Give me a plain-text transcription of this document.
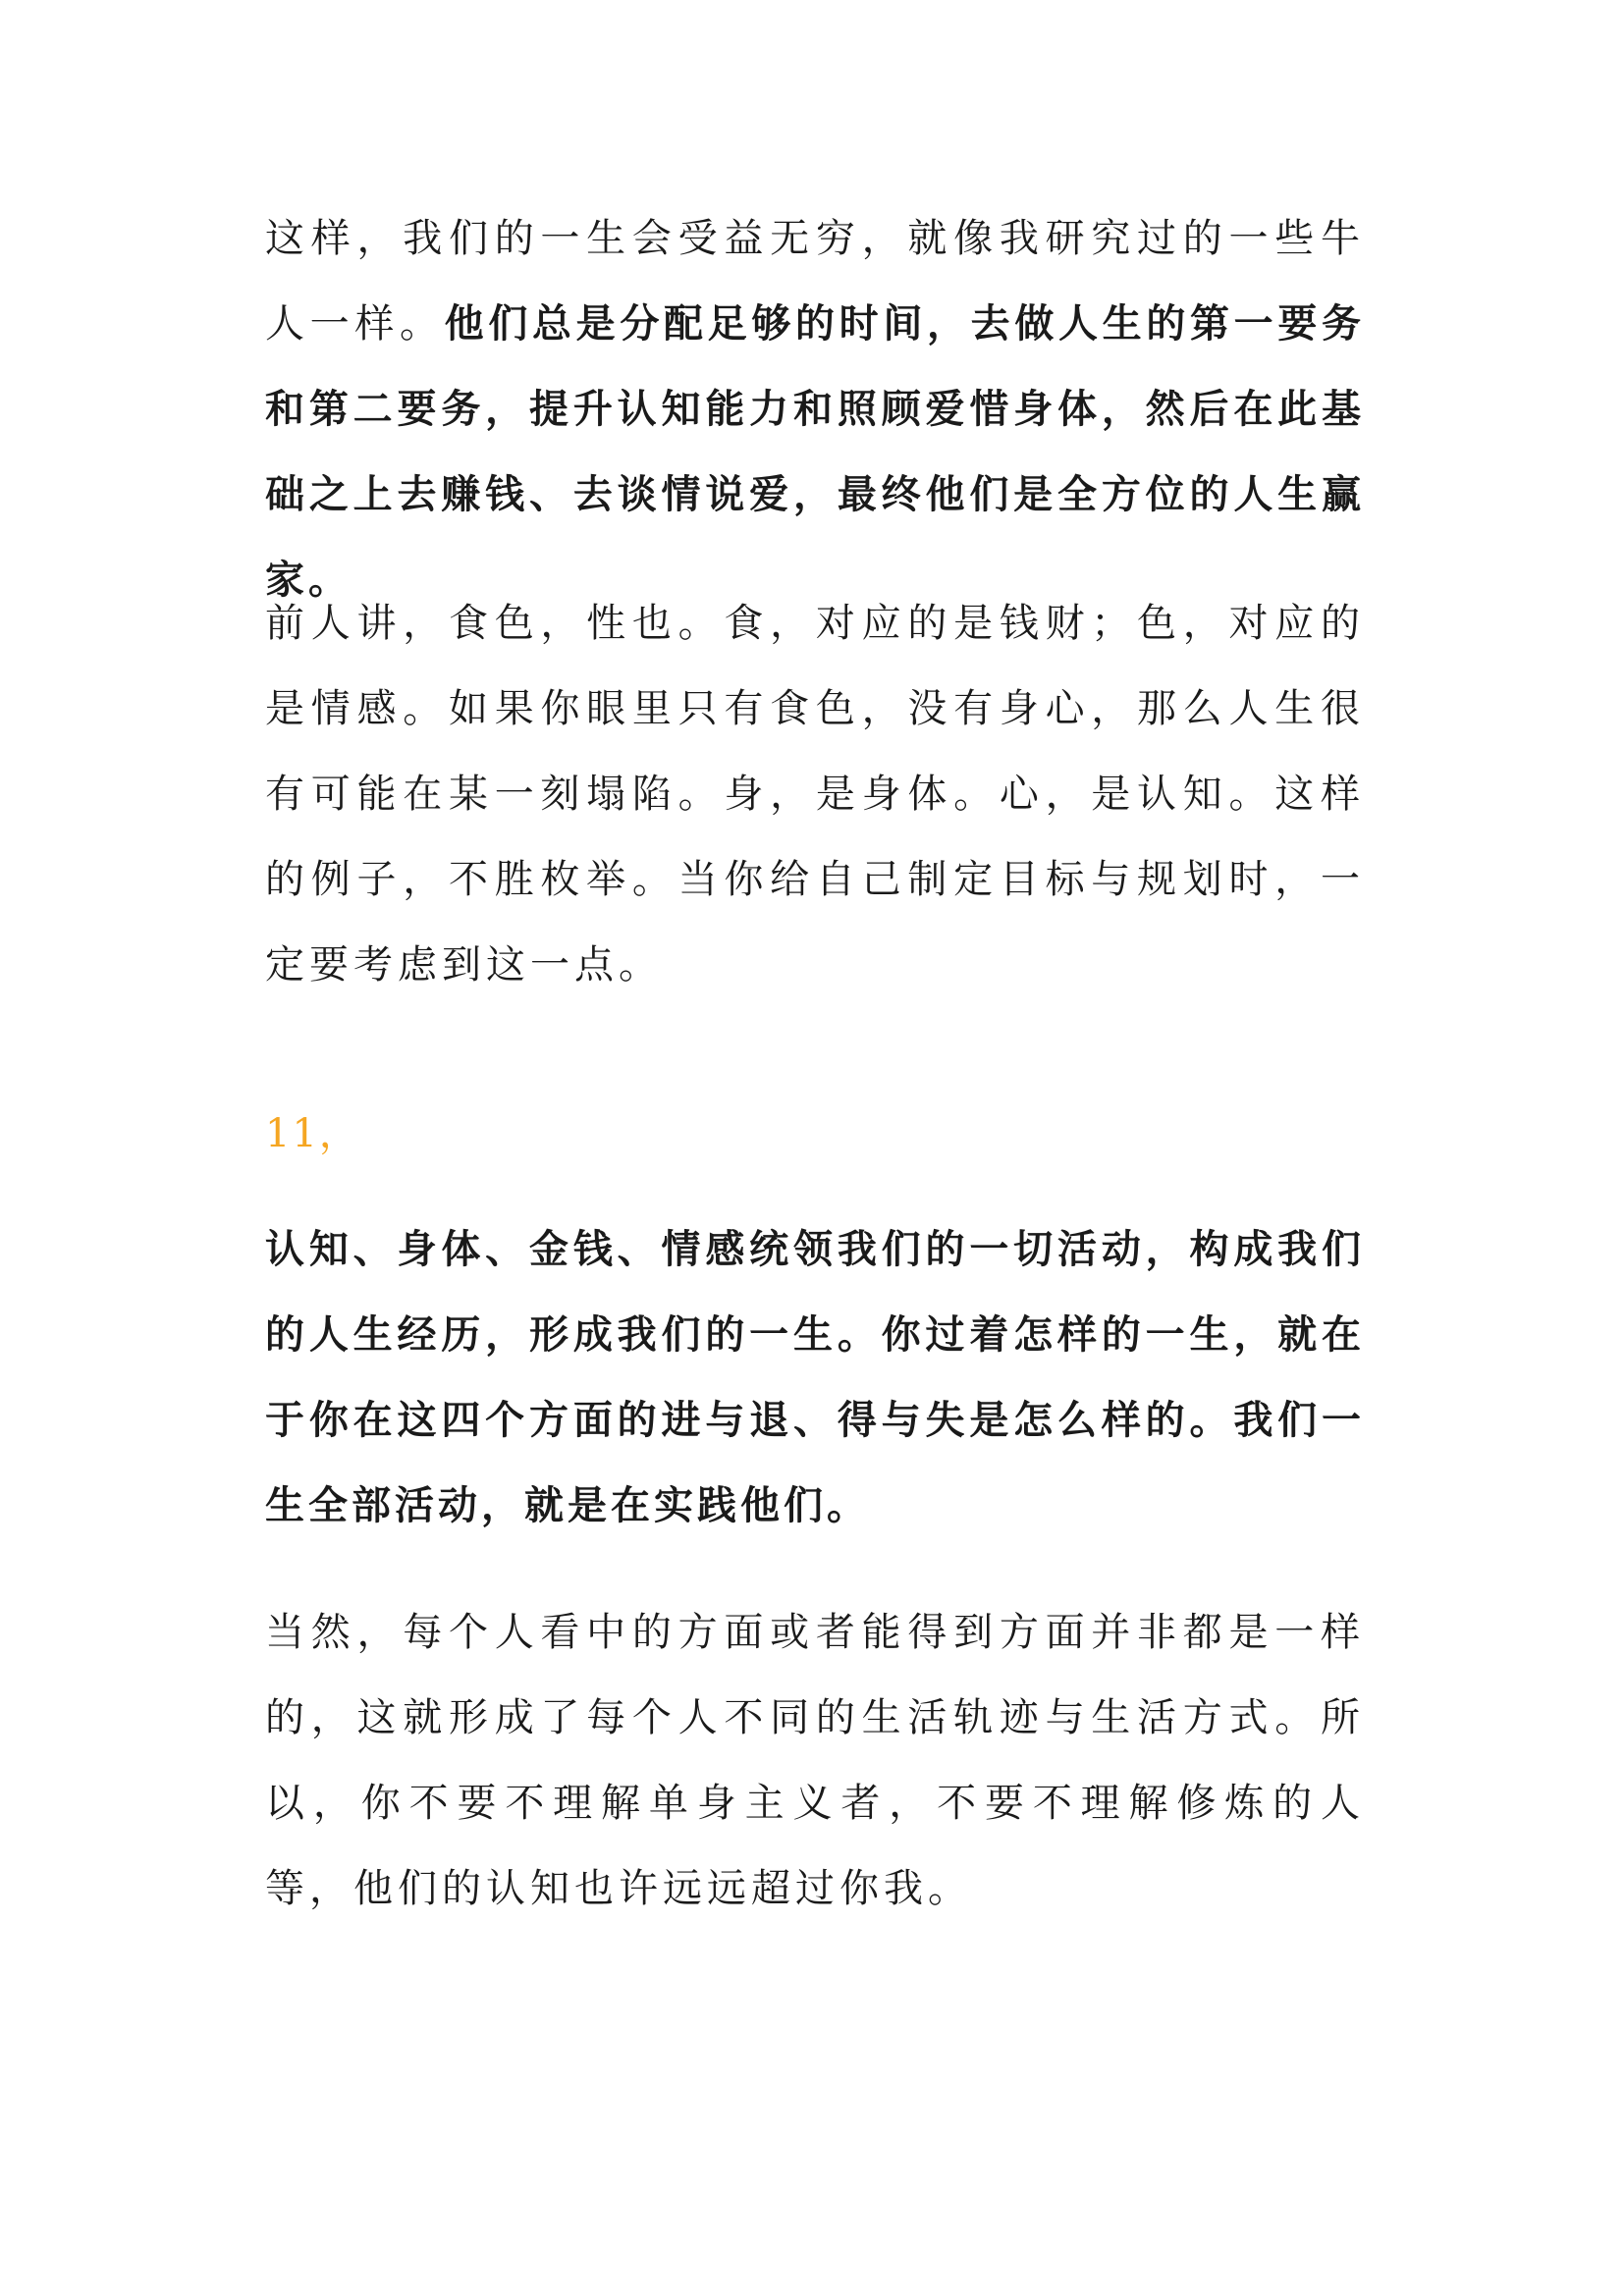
这样，我们的一生会受益无穷，就像我研究过的一些牛人一样。他们总是分配足够的时间，去做人生的第一要务和第二要务，提升认知能力和照顾爱惜身体，然后在此基础之上去赚钱、去谈情说爱，最终他们是全方位的人生赢家。

前人讲，食色，性也。食，对应的是钱财；色，对应的是情感。如果你眼里只有食色，没有身心，那么人生很有可能在某一刻塌陷。身，是身体。心，是认知。这样的例子，不胜枚举。当你给自己制定目标与规划时，一定要考虑到这一点。

11，

认知、身体、金钱、情感统领我们的一切活动，构成我们的人生经历，形成我们的一生。你过着怎样的一生，就在于你在这四个方面的进与退、得与失是怎么样的。我们一生全部活动，就是在实践他们。

当然，每个人看中的方面或者能得到方面并非都是一样的，这就形成了每个人不同的生活轨迹与生活方式。所以，你不要不理解单身主义者，不要不理解修炼的人等，他们的认知也许远远超过你我。
